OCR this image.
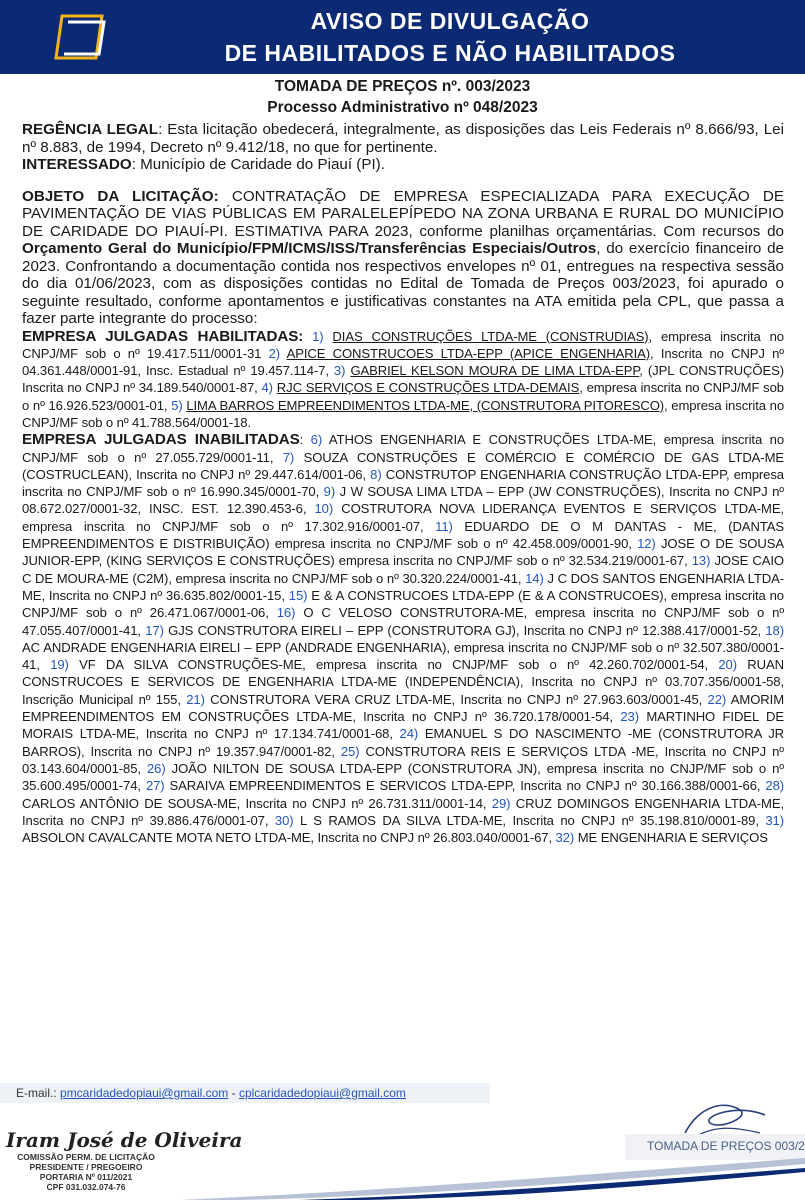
AVISO DE DIVULGAÇÃO
DE HABILITADOS E NÃO HABILITADOS
TOMADA DE PREÇOS nº. 003/2023
Processo Administrativo nº 048/2023

REGÊNCIA LEGAL: Esta licitação obedecerá, integralmente, as disposições das Leis Federais nº 8.666/93, Lei nº 8.883, de 1994, Decreto nº 9.412/18, no que for pertinente.

INTERESSADO: Município de Caridade do Piauí (PI).

OBJETO DA LICITAÇÃO: CONTRATAÇÃO DE EMPRESA ESPECIALIZADA PARA EXECUÇÃO DE PAVIMENTAÇÃO DE VIAS PÚBLICAS EM PARALELEPÍPEDO NA ZONA URBANA E RURAL DO MUNICÍPIO DE CARIDADE DO PIAUÍ-PI. ESTIMATIVA PARA 2023, conforme planilhas orçamentárias. Com recursos do Orçamento Geral do Município/FPM/ICMS/ISS/Transferências Especiais/Outros, do exercício financeiro de 2023. Confrontando a documentação contida nos respectivos envelopes nº 01, entregues na respectiva sessão do dia 01/06/2023, com as disposições contidas no Edital de Tomada de Preços 003/2023, foi apurado o seguinte resultado, conforme apontamentos e justificativas constantes na ATA emitida pela CPL, que passa a fazer parte integrante do processo:

EMPRESA JULGADAS HABILITADAS: 1) DIAS CONSTRUÇÕES LTDA-ME (CONSTRUDIAS), empresa inscrita no CNPJ/MF sob o nº 19.417.511/0001-31 2) APICE CONSTRUCOES LTDA-EPP (APICE ENGENHARIA), Inscrita no CNPJ nº 04.361.448/0001-91, Insc. Estadual nº 19.457.114-7, 3) GABRIEL KELSON MOURA DE LIMA LTDA-EPP, (JPL CONSTRUÇÕES) Inscrita no CNPJ nº 34.189.540/0001-87, 4) RJC SERVIÇOS E CONSTRUÇÕES LTDA-DEMAIS, empresa inscrita no CNPJ/MF sob o nº 16.926.523/0001-01, 5) LIMA BARROS EMPREENDIMENTOS LTDA-ME, (CONSTRUTORA PITORESCO), empresa inscrita no CNPJ/MF sob o nº 41.788.564/0001-18.

EMPRESA JULGADAS INABILITADAS: 6) ATHOS ENGENHARIA E CONSTRUÇÕES LTDA-ME, empresa inscrita no CNPJ/MF sob o nº 27.055.729/0001-11, 7) SOUZA CONSTRUÇÕES E COMÉRCIO E COMÉRCIO DE GAS LTDA-ME (COSTRUCLEAN), Inscrita no CNPJ nº 29.447.614/001-06, 8) CONSTRUTOP ENGENHARIA CONSTRUÇÃO LTDA-EPP, empresa inscrita no CNPJ/MF sob o nº 16.990.345/0001-70, 9) J W SOUSA LIMA LTDA – EPP (JW CONSTRUÇÕES), Inscrita no CNPJ nº 08.672.027/0001-32, INSC. EST. 12.390.453-6, 10) COSTRUTORA NOVA LIDERANÇA EVENTOS E SERVIÇOS LTDA-ME, empresa inscrita no CNPJ/MF sob o nº 17.302.916/0001-07, 11) EDUARDO DE O M DANTAS - ME, (DANTAS EMPREENDIMENTOS E DISTRIBUIÇÃO) empresa inscrita no CNPJ/MF sob o nº 42.458.009/0001-90, 12) JOSE O DE SOUSA JUNIOR-EPP, (KING SERVIÇOS E CONSTRUÇÕES) empresa inscrita no CNPJ/MF sob o nº 32.534.219/0001-67, 13) JOSE CAIO C DE MOURA-ME (C2M), empresa inscrita no CNPJ/MF sob o nº 30.320.224/0001-41, 14) J C DOS SANTOS ENGENHARIA LTDA-ME, Inscrita no CNPJ nº 36.635.802/0001-15, 15) E & A CONSTRUCOES LTDA-EPP (E & A CONSTRUCOES), empresa inscrita no CNPJ/MF sob o nº 26.471.067/0001-06, 16) O C VELOSO CONSTRUTORA-ME, empresa inscrita no CNPJ/MF sob o nº 47.055.407/0001-41, 17) GJS CONSTRUTORA EIRELI – EPP (CONSTRUTORA GJ), Inscrita no CNPJ nº 12.388.417/0001-52, 18) AC ANDRADE ENGENHARIA EIRELI – EPP (ANDRADE ENGENHARIA), empresa inscrita no CNJP/MF sob o nº 32.507.380/0001-41, 19) VF DA SILVA CONSTRUÇÕES-ME, empresa inscrita no CNJP/MF sob o nº 42.260.702/0001-54, 20) RUAN CONSTRUCOES E SERVICOS DE ENGENHARIA LTDA-ME (INDEPENDÊNCIA), Inscrita no CNPJ nº 03.707.356/0001-58, Inscrição Municipal nº 155, 21) CONSTRUTORA VERA CRUZ LTDA-ME, Inscrita no CNPJ nº 27.963.603/0001-45, 22) AMORIM EMPREENDIMENTOS EM CONSTRUÇÕES LTDA-ME, Inscrita no CNPJ nº 36.720.178/0001-54, 23) MARTINHO FIDEL DE MORAIS LTDA-ME, Inscrita no CNPJ nº 17.134.741/0001-68, 24) EMANUEL S DO NASCIMENTO -ME (CONSTRUTORA JR BARROS), Inscrita no CNPJ nº 19.357.947/0001-82, 25) CONSTRUTORA REIS E SERVIÇOS LTDA -ME, Inscrita no CNPJ nº 03.143.604/0001-85, 26) JOÃO NILTON DE SOUSA LTDA-EPP (CONSTRUTORA JN), empresa inscrita no CNJP/MF sob o nº 35.600.495/0001-74, 27) SARAIVA EMPREENDIMENTOS E SERVICOS LTDA-EPP, Inscrita no CNPJ nº 30.166.388/0001-66, 28) CARLOS ANTÔNIO DE SOUSA-ME, Inscrita no CNPJ nº 26.731.311/0001-14, 29) CRUZ DOMINGOS ENGENHARIA LTDA-ME, Inscrita no CNPJ nº 39.886.476/0001-07, 30) L S RAMOS DA SILVA LTDA-ME, Inscrita no CNPJ nº 35.198.810/0001-89, 31) ABSOLON CAVALCANTE MOTA NETO LTDA-ME, Inscrita no CNPJ nº 26.803.040/0001-67, 32) ME ENGENHARIA E SERVIÇOS

E-mail.: pmcaridadedopiaui@gmail.com - cplcaridadedopiaui@gmail.com
Iram José de Oliveira
COMISSÃO PERM. DE LICITAÇÃO
PRESIDENTE / PREGOEIRO
PORTARIA Nº 011/2021
CPF 031.032.074-76
TOMADA DE PREÇOS 003/2
